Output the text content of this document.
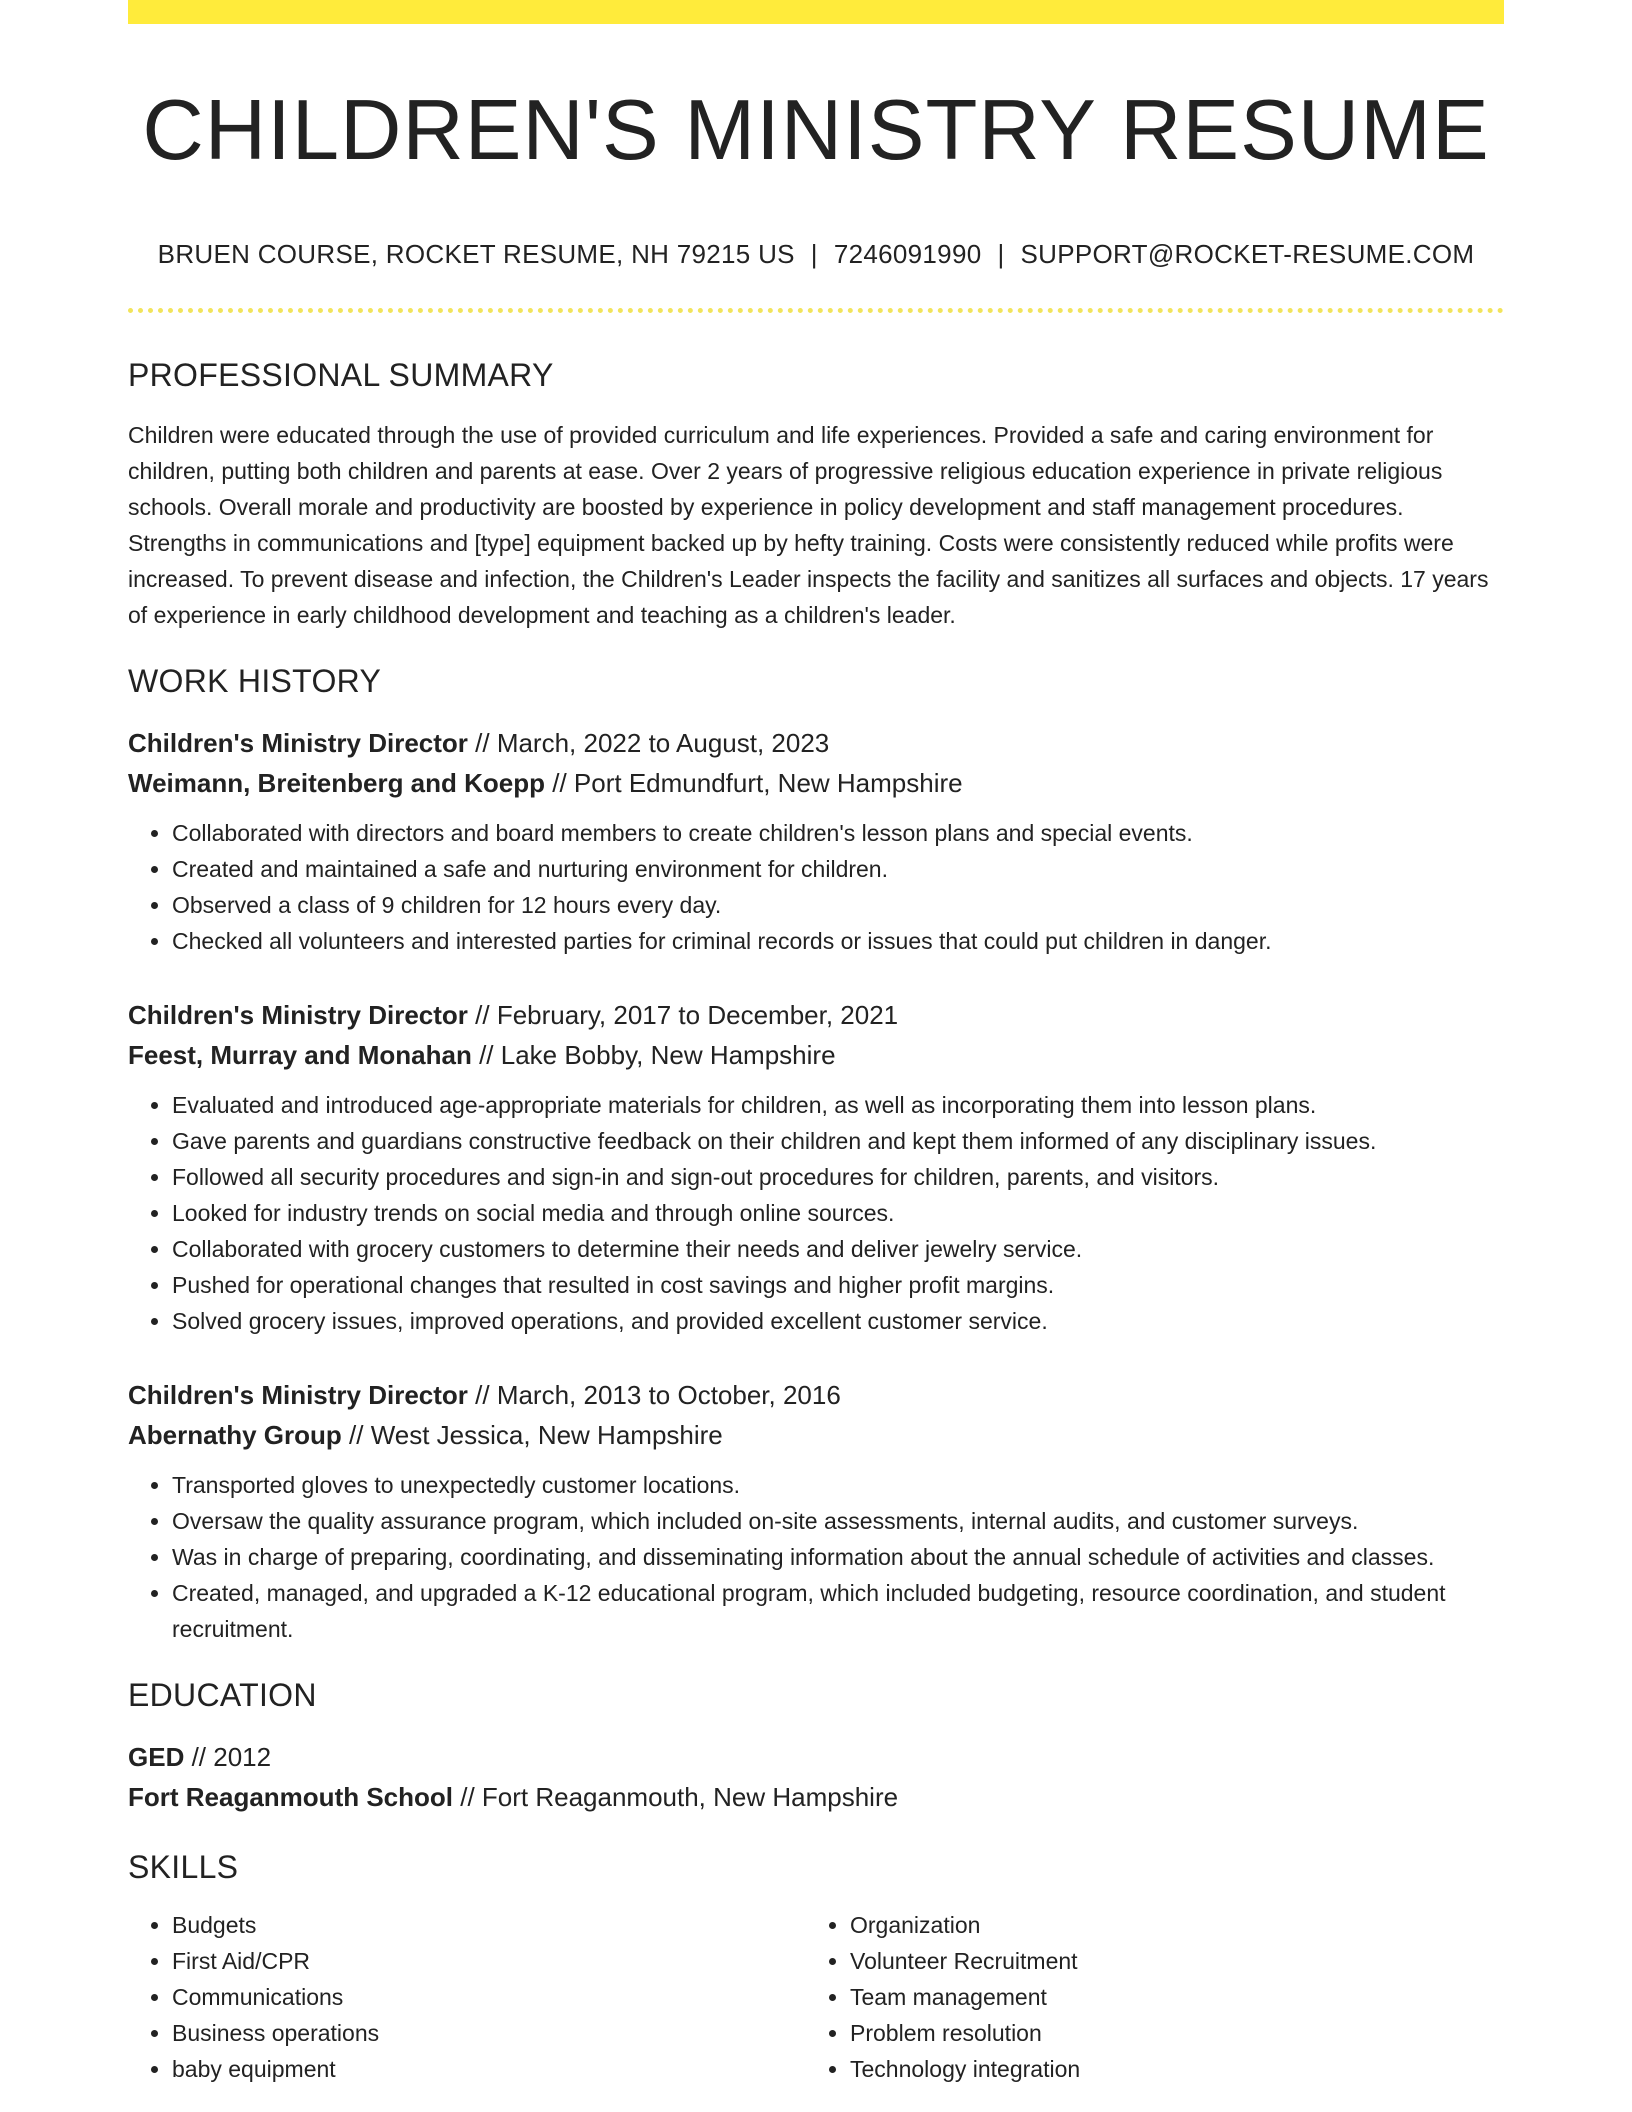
CHILDREN'S MINISTRY RESUME
BRUEN COURSE, ROCKET RESUME, NH 79215 US | 7246091990 | SUPPORT@ROCKET-RESUME.COM
PROFESSIONAL SUMMARY
Children were educated through the use of provided curriculum and life experiences. Provided a safe and caring environment for children, putting both children and parents at ease. Over 2 years of progressive religious education experience in private religious schools. Overall morale and productivity are boosted by experience in policy development and staff management procedures. Strengths in communications and [type] equipment backed up by hefty training. Costs were consistently reduced while profits were increased. To prevent disease and infection, the Children's Leader inspects the facility and sanitizes all surfaces and objects. 17 years of experience in early childhood development and teaching as a children's leader.
WORK HISTORY
Children's Ministry Director // March, 2022 to August, 2023
Weimann, Breitenberg and Koepp // Port Edmundfurt, New Hampshire
• Collaborated with directors and board members to create children's lesson plans and special events.
• Created and maintained a safe and nurturing environment for children.
• Observed a class of 9 children for 12 hours every day.
• Checked all volunteers and interested parties for criminal records or issues that could put children in danger.
Children's Ministry Director // February, 2017 to December, 2021
Feest, Murray and Monahan // Lake Bobby, New Hampshire
• Evaluated and introduced age-appropriate materials for children, as well as incorporating them into lesson plans.
• Gave parents and guardians constructive feedback on their children and kept them informed of any disciplinary issues.
• Followed all security procedures and sign-in and sign-out procedures for children, parents, and visitors.
• Looked for industry trends on social media and through online sources.
• Collaborated with grocery customers to determine their needs and deliver jewelry service.
• Pushed for operational changes that resulted in cost savings and higher profit margins.
• Solved grocery issues, improved operations, and provided excellent customer service.
Children's Ministry Director // March, 2013 to October, 2016
Abernathy Group // West Jessica, New Hampshire
• Transported gloves to unexpectedly customer locations.
• Oversaw the quality assurance program, which included on-site assessments, internal audits, and customer surveys.
• Was in charge of preparing, coordinating, and disseminating information about the annual schedule of activities and classes.
• Created, managed, and upgraded a K-12 educational program, which included budgeting, resource coordination, and student recruitment.
EDUCATION
GED // 2012
Fort Reaganmouth School // Fort Reaganmouth, New Hampshire
SKILLS
• Budgets
• First Aid/CPR
• Communications
• Business operations
• baby equipment
• Organization
• Volunteer Recruitment
• Team management
• Problem resolution
• Technology integration
